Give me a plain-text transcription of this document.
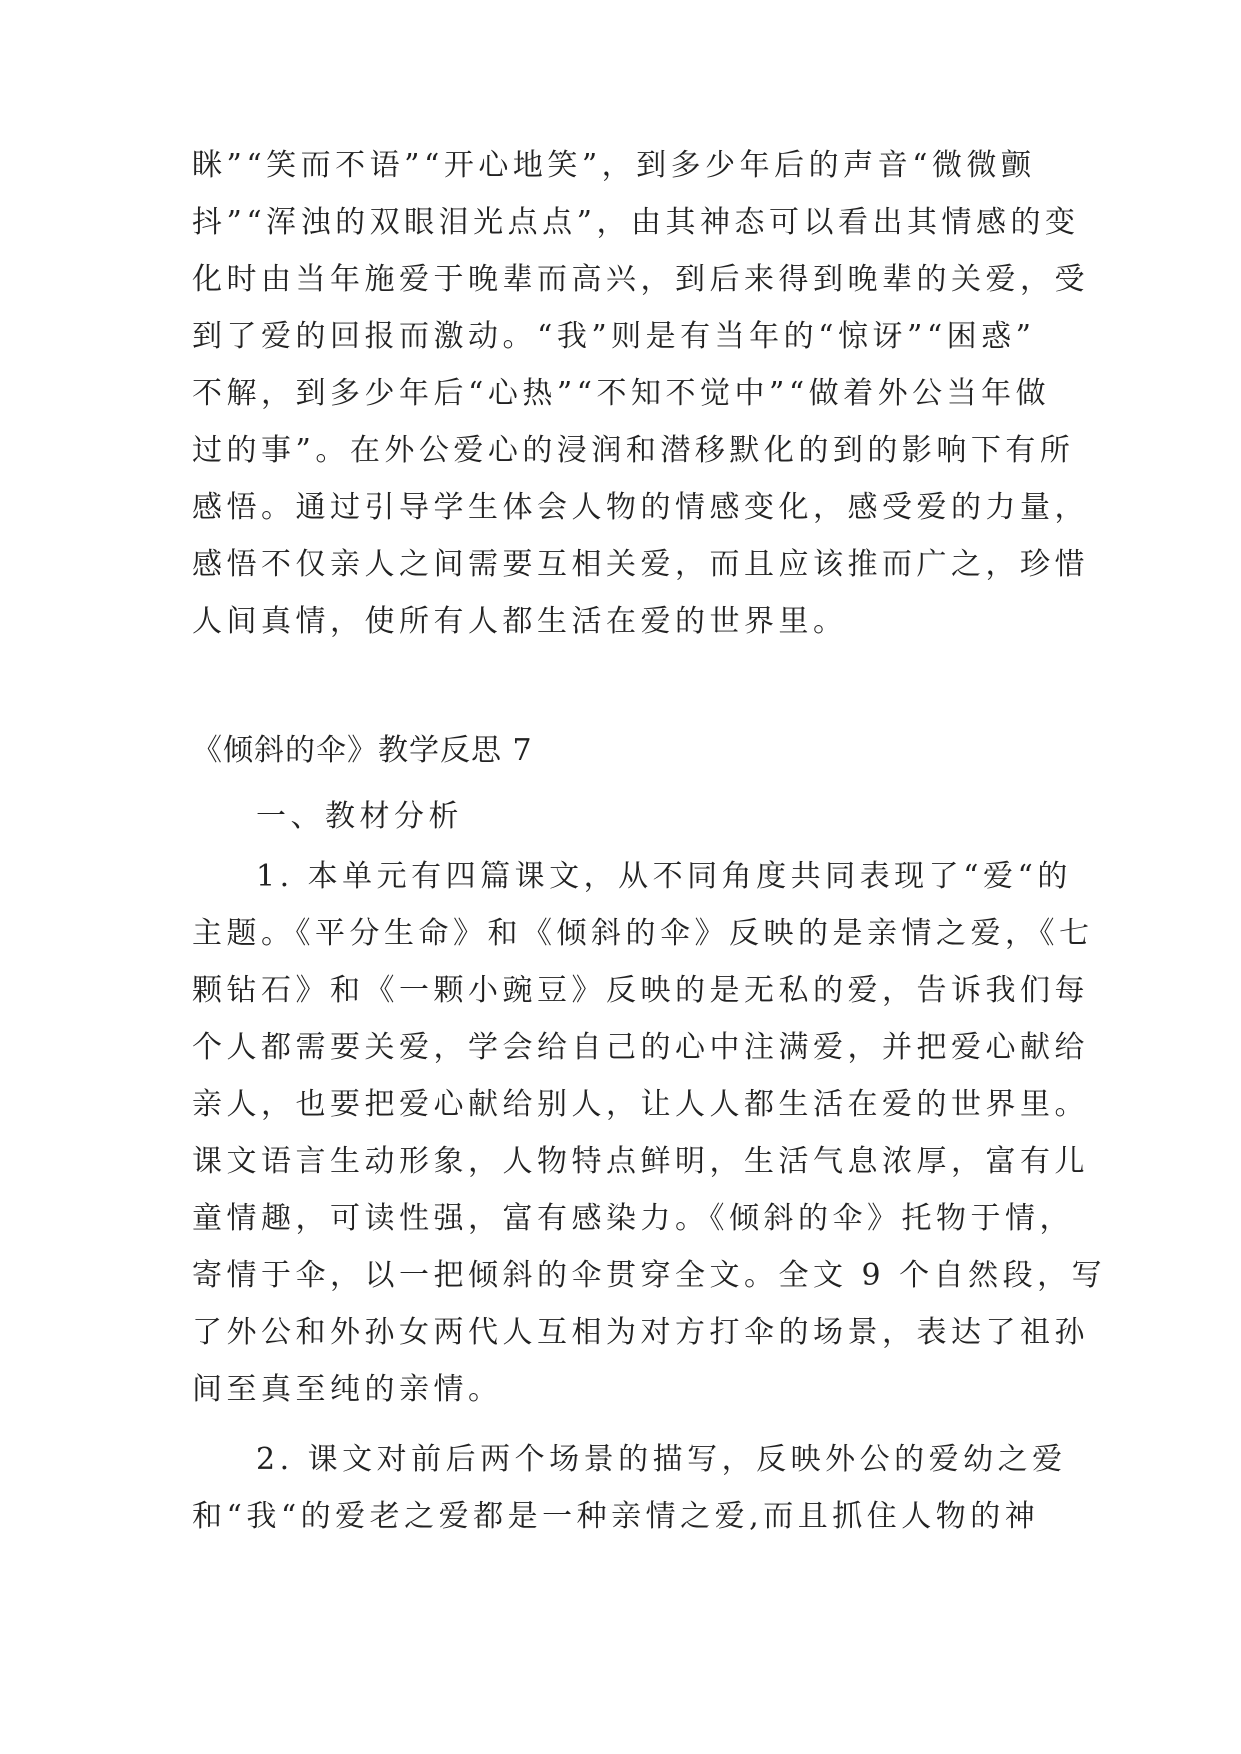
眯”“笑而不语”“开心地笑”，到多少年后的声音“微微颤
抖”“浑浊的双眼泪光点点”，由其神态可以看出其情感的变
化时由当年施爱于晚辈而高兴，到后来得到晚辈的关爱，受
到了爱的回报而激动。“我”则是有当年的“惊讶”“困惑”
不解，到多少年后“心热”“不知不觉中”“做着外公当年做
过的事”。在外公爱心的浸润和潜移默化的到的影响下有所
感悟。通过引导学生体会人物的情感变化，感受爱的力量，
感悟不仅亲人之间需要互相关爱，而且应该推而广之，珍惜
人间真情，使所有人都生活在爱的世界里。
《倾斜的伞》教学反思 7
一、教材分析
1. 本单元有四篇课文，从不同角度共同表现了“爱“的
主题。《平分生命》和《倾斜的伞》反映的是亲情之爱，《七
颗钻石》和《一颗小豌豆》反映的是无私的爱，告诉我们每
个人都需要关爱，学会给自己的心中注满爱，并把爱心献给
亲人，也要把爱心献给别人，让人人都生活在爱的世界里。
课文语言生动形象，人物特点鲜明，生活气息浓厚，富有儿
童情趣，可读性强，富有感染力。《倾斜的伞》托物于情，
寄情于伞，以一把倾斜的伞贯穿全文。全文 9 个自然段，写
了外公和外孙女两代人互相为对方打伞的场景，表达了祖孙
间至真至纯的亲情。
2. 课文对前后两个场景的描写，反映外公的爱幼之爱
和“我“的爱老之爱都是一种亲情之爱,而且抓住人物的神
